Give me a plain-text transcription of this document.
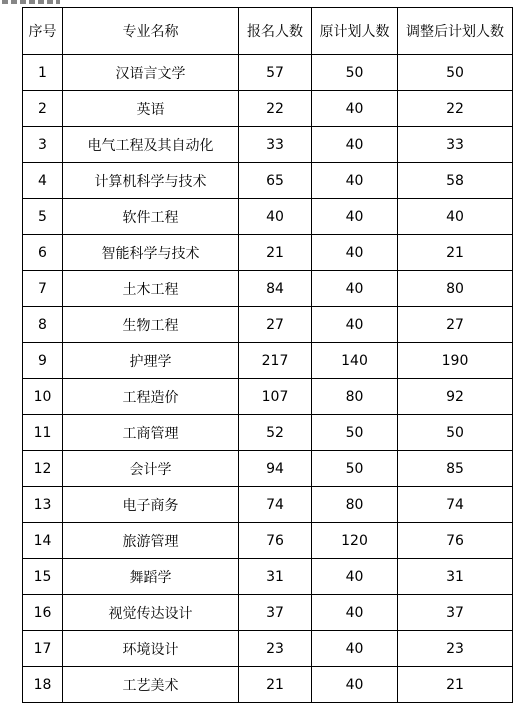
序号	专业名称	报名人数	原计划人数	调整后计划人数
1	汉语言文学	57	50	50
2	英语	22	40	22
3	电气工程及其自动化	33	40	33
4	计算机科学与技术	65	40	58
5	软件工程	40	40	40
6	智能科学与技术	21	40	21
7	土木工程	84	40	80
8	生物工程	27	40	27
9	护理学	217	140	190
10	工程造价	107	80	92
11	工商管理	52	50	50
12	会计学	94	50	85
13	电子商务	74	80	74
14	旅游管理	76	120	76
15	舞蹈学	31	40	31
16	视觉传达设计	37	40	37
17	环境设计	23	40	23
18	工艺美术	21	40	21
